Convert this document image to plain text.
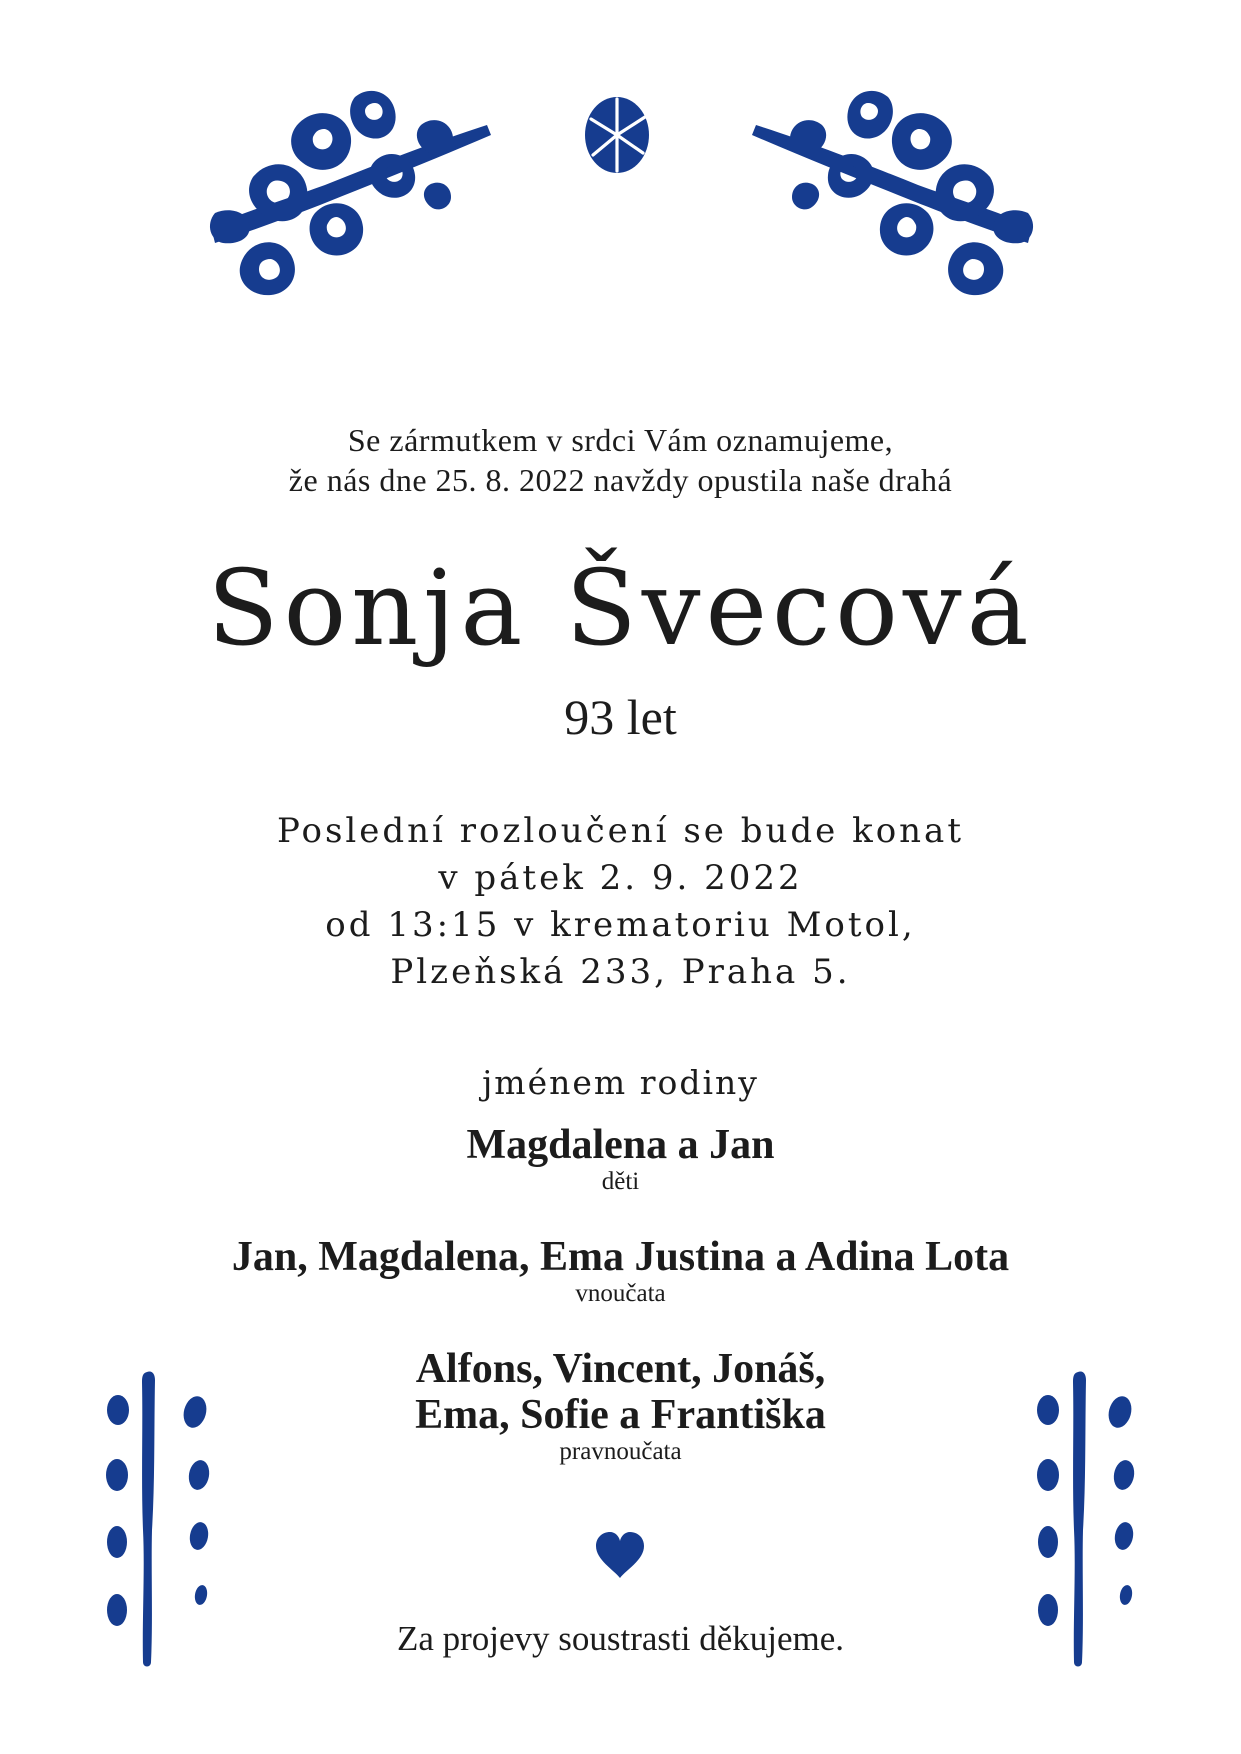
Se zármutkem v srdci Vám oznamujeme,

že nás dne 25. 8. 2022 navždy opustila naše drahá

Sonja Švecová

93 let

Poslední rozloučení se bude konat

v pátek 2. 9. 2022

od 13:15 v krematoriu Motol,

Plzeňská 233, Praha 5.

jménem rodiny

Magdalena a Jan

děti

Jan, Magdalena, Ema Justina a Adina Lota

vnoučata

Alfons, Vincent, Jonáš,

Ema, Sofie a Františka

pravnoučata

Za projevy soustrasti děkujeme.
